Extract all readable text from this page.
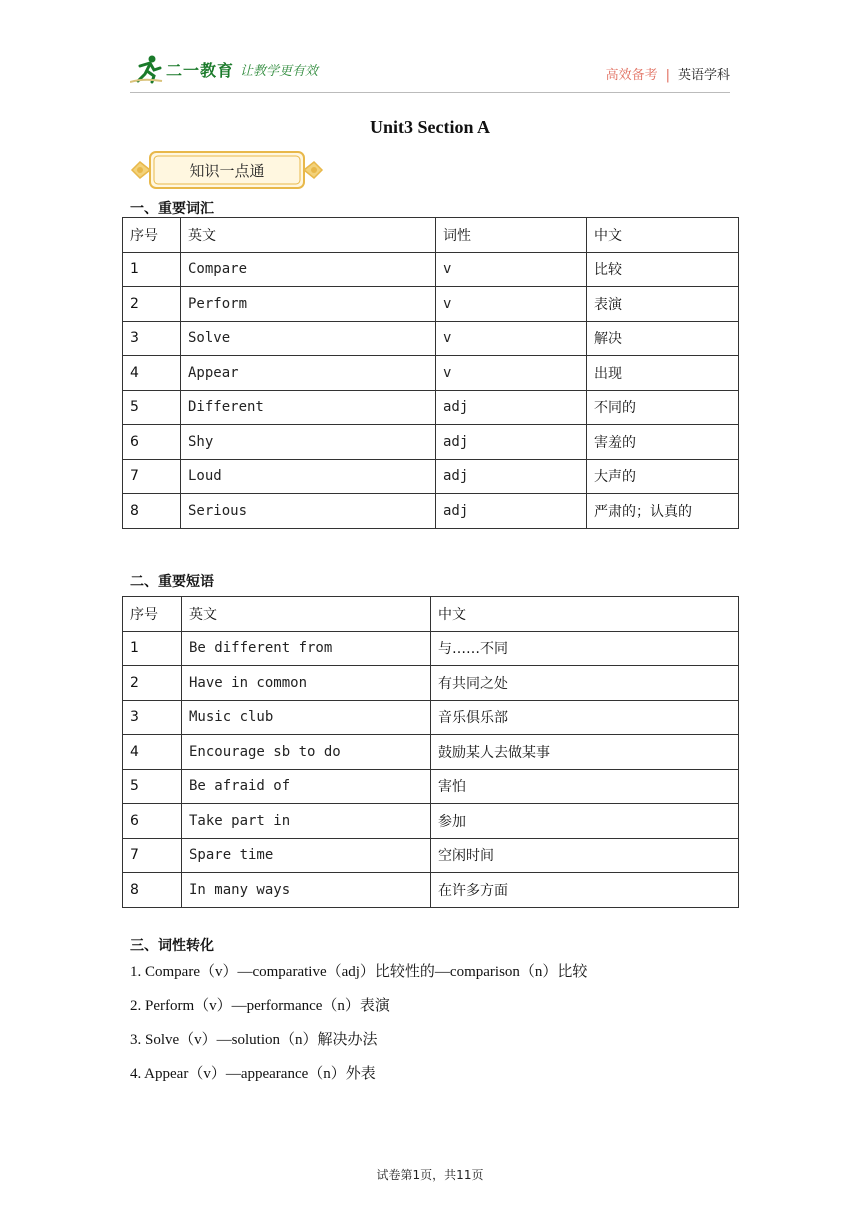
二一教育 让教学更有效	高效备考 | 英语学科
Unit3 Section A
知识一点通
一、重要词汇
序号	英文	词性	中文
1	Compare	v	比较
2	Perform	v	表演
3	Solve	v	解决
4	Appear	v	出现
5	Different	adj	不同的
6	Shy	adj	害羞的
7	Loud	adj	大声的
8	Serious	adj	严肃的；认真的
二、重要短语
序号	英文	中文
1	Be different from	与……不同
2	Have in common	有共同之处
3	Music club	音乐俱乐部
4	Encourage sb to do	鼓励某人去做某事
5	Be afraid of	害怕
6	Take part in	参加
7	Spare time	空闲时间
8	In many ways	在许多方面
三、词性转化
1. Compare（v）—comparative（adj）比较性的—comparison（n）比较
2. Perform（v）—performance（n）表演
3. Solve（v）—solution（n）解决办法
4. Appear（v）—appearance（n）外表
试卷第1页，共11页
